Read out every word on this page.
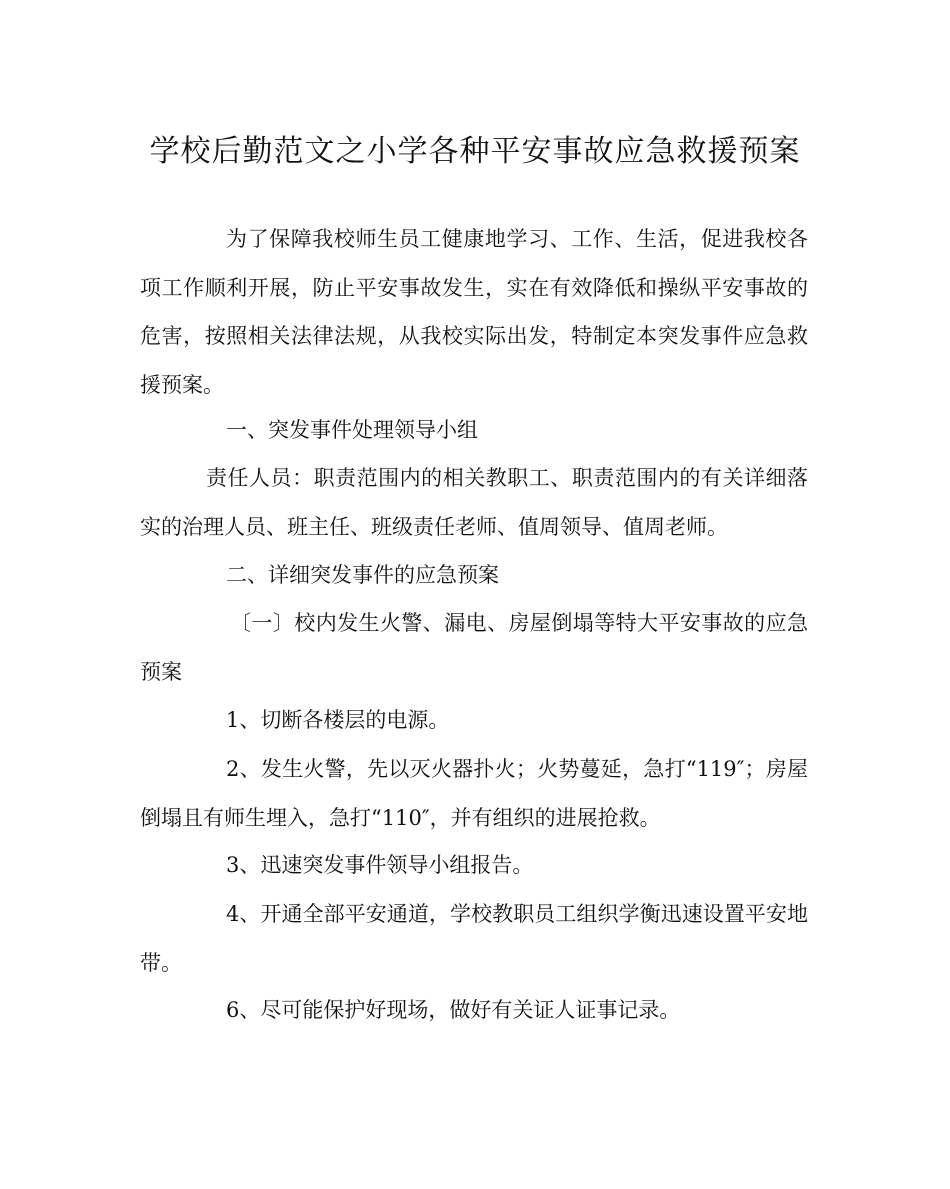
学校后勤范文之小学各种平安事故应急救援预案

为了保障我校师生员工健康地学习、工作、生活，促进我校各项工作顺利开展，防止平安事故发生，实在有效降低和操纵平安事故的危害，按照相关法律法规，从我校实际出发，特制定本突发事件应急救援预案。

一、突发事件处理领导小组

责任人员：职责范围内的相关教职工、职责范围内的有关详细落实的治理人员、班主任、班级责任老师、值周领导、值周老师。

二、详细突发事件的应急预案

〔一〕校内发生火警、漏电、房屋倒塌等特大平安事故的应急预案

1、切断各楼层的电源。

2、发生火警，先以灭火器扑火；火势蔓延，急打“119″；房屋倒塌且有师生埋入，急打“110″，并有组织的进展抢救。

3、迅速突发事件领导小组报告。

4、开通全部平安通道，学校教职员工组织学衡迅速设置平安地带。

6、尽可能保护好现场，做好有关证人证事记录。
